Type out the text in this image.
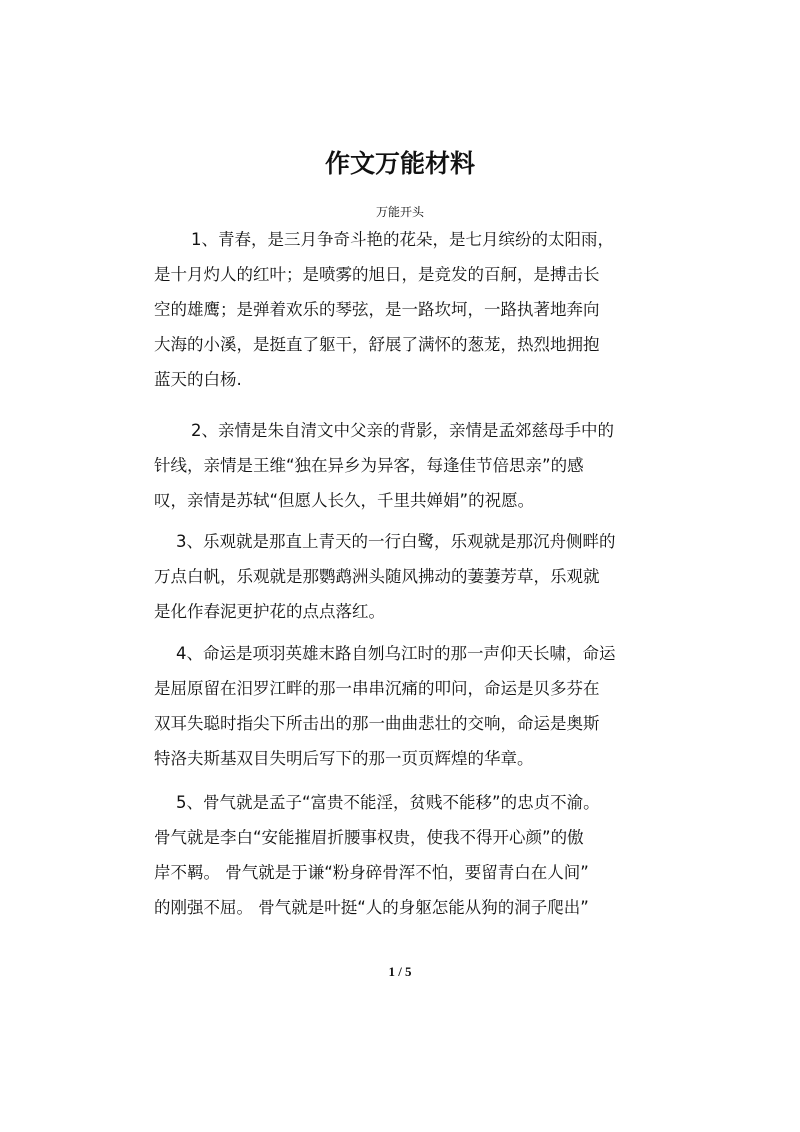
作文万能材料
万能开头

1、青春，是三月争奇斗艳的花朵，是七月缤纷的太阳雨，

是十月灼人的红叶；是喷雾的旭日，是竞发的百舸，是搏击长

空的雄鹰；是弹着欢乐的琴弦，是一路坎坷，一路执著地奔向

大海的小溪，是挺直了躯干，舒展了满怀的葱茏，热烈地拥抱

蓝天的白杨.

2、亲情是朱自清文中父亲的背影，亲情是孟郊慈母手中的

针线，亲情是王维“独在异乡为异客，每逢佳节倍思亲”的感

叹，亲情是苏轼“但愿人长久，千里共婵娟”的祝愿。

3、乐观就是那直上青天的一行白鹭，乐观就是那沉舟侧畔的

万点白帆，乐观就是那鹦鹉洲头随风拂动的萋萋芳草，乐观就

是化作春泥更护花的点点落红。

4、命运是项羽英雄末路自刎乌江时的那一声仰天长啸，命运

是屈原留在汨罗江畔的那一串串沉痛的叩问，命运是贝多芬在

双耳失聪时指尖下所击出的那一曲曲悲壮的交响，命运是奥斯

特洛夫斯基双目失明后写下的那一页页辉煌的华章。

5、骨气就是孟子“富贵不能淫，贫贱不能移”的忠贞不渝。

骨气就是李白“安能摧眉折腰事权贵，使我不得开心颜”的傲

岸不羁。 骨气就是于谦“粉身碎骨浑不怕，要留青白在人间”

的刚强不屈。 骨气就是叶挺“人的身躯怎能从狗的洞子爬出”

1 / 5
